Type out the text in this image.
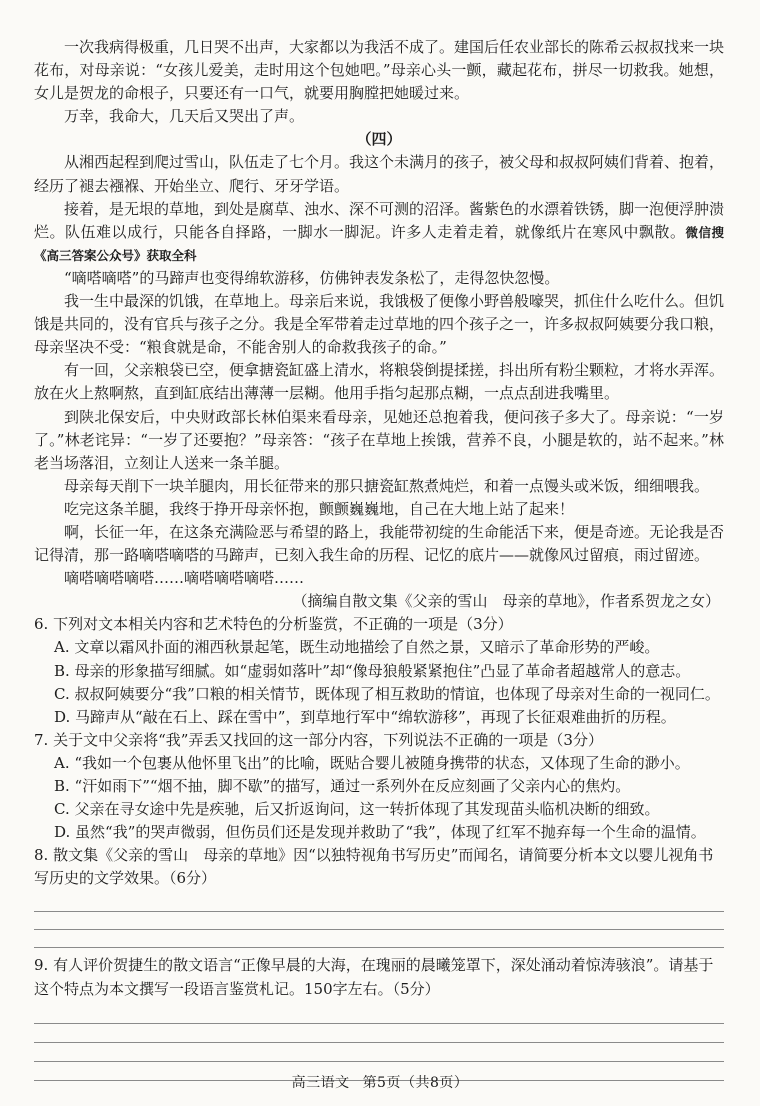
一次我病得极重，几日哭不出声，大家都以为我活不成了。建国后任农业部长的陈希云叔叔找来一块花布，对母亲说：“女孩儿爱美，走时用这个包她吧。”母亲心头一颤，藏起花布，拼尽一切救我。她想，女儿是贺龙的命根子，只要还有一口气，就要用胸膛把她暖过来。

万幸，我命大，几天后又哭出了声。

（四）

从湘西起程到爬过雪山，队伍走了七个月。我这个未满月的孩子，被父母和叔叔阿姨们背着、抱着，经历了褪去襁褓、开始坐立、爬行、牙牙学语。

接着，是无垠的草地，到处是腐草、浊水、深不可测的沼泽。酱紫色的水漂着铁锈，脚一泡便浮肿溃烂。队伍难以成行，只能各自择路，一脚水一脚泥。许多人走着走着，就像纸片在寒风中飘散。微信搜《高三答案公众号》获取全科

“嘀嗒嘀嗒”的马蹄声也变得绵软游移，仿佛钟表发条松了，走得忽快忽慢。

我一生中最深的饥饿，在草地上。母亲后来说，我饿极了便像小野兽般嚎哭，抓住什么吃什么。但饥饿是共同的，没有官兵与孩子之分。我是全军带着走过草地的四个孩子之一，许多叔叔阿姨要分我口粮，母亲坚决不受：“粮食就是命，不能舍别人的命救我孩子的命。”

有一回，父亲粮袋已空，便拿搪瓷缸盛上清水，将粮袋倒提揉搓，抖出所有粉尘颗粒，才将水弄浑。放在火上熬啊熬，直到缸底结出薄薄一层糊。他用手指匀起那点糊，一点点刮进我嘴里。

到陕北保安后，中央财政部长林伯渠来看母亲，见她还总抱着我，便问孩子多大了。母亲说：“一岁了。”林老诧异：“一岁了还要抱？”母亲答：“孩子在草地上挨饿，营养不良，小腿是软的，站不起来。”林老当场落泪，立刻让人送来一条羊腿。

母亲每天削下一块羊腿肉，用长征带来的那只搪瓷缸熬煮炖烂，和着一点馒头或米饭，细细喂我。

吃完这条羊腿，我终于挣开母亲怀抱，颤颤巍巍地，自己在大地上站了起来！

啊，长征一年，在这条充满险恶与希望的路上，我能带初绽的生命能活下来，便是奇迹。无论我是否记得清，那一路嘀嗒嘀嗒的马蹄声，已刻入我生命的历程、记忆的底片——就像风过留痕，雨过留迹。

嘀嗒嘀嗒嘀嗒……嘀嗒嘀嗒嘀嗒……

（摘编自散文集《父亲的雪山　母亲的草地》，作者系贺龙之女）

6. 下列对文本相关内容和艺术特色的分析鉴赏，不正确的一项是（3分）

A. 文章以霜风扑面的湘西秋景起笔，既生动地描绘了自然之景，又暗示了革命形势的严峻。

B. 母亲的形象描写细腻。如“虚弱如落叶”却“像母狼般紧紧抱住”凸显了革命者超越常人的意志。

C. 叔叔阿姨要分“我”口粮的相关情节，既体现了相互救助的情谊，也体现了母亲对生命的一视同仁。

D. 马蹄声从“敲在石上、踩在雪中”，到草地行军中“绵软游移”，再现了长征艰难曲折的历程。

7. 关于文中父亲将“我”弄丢又找回的这一部分内容，下列说法不正确的一项是（3分）

A. “我如一个包裹从他怀里飞出”的比喻，既贴合婴儿被随身携带的状态，又体现了生命的渺小。

B. “汗如雨下”“烟不抽，脚不歇”的描写，通过一系列外在反应刻画了父亲内心的焦灼。

C. 父亲在寻女途中先是疾驰，后又折返询问，这一转折体现了其发现苗头临机决断的细致。

D. 虽然“我”的哭声微弱，但伤员们还是发现并救助了“我”，体现了红军不抛弃每一个生命的温情。

8. 散文集《父亲的雪山　母亲的草地》因“以独特视角书写历史”而闻名，请简要分析本文以婴儿视角书写历史的文学效果。（6分）

9. 有人评价贺捷生的散文语言“正像早晨的大海，在瑰丽的晨曦笼罩下，深处涌动着惊涛骇浪”。请基于这个特点为本文撰写一段语言鉴赏札记。150字左右。（5分）

高三语文 第5页（共8页）
